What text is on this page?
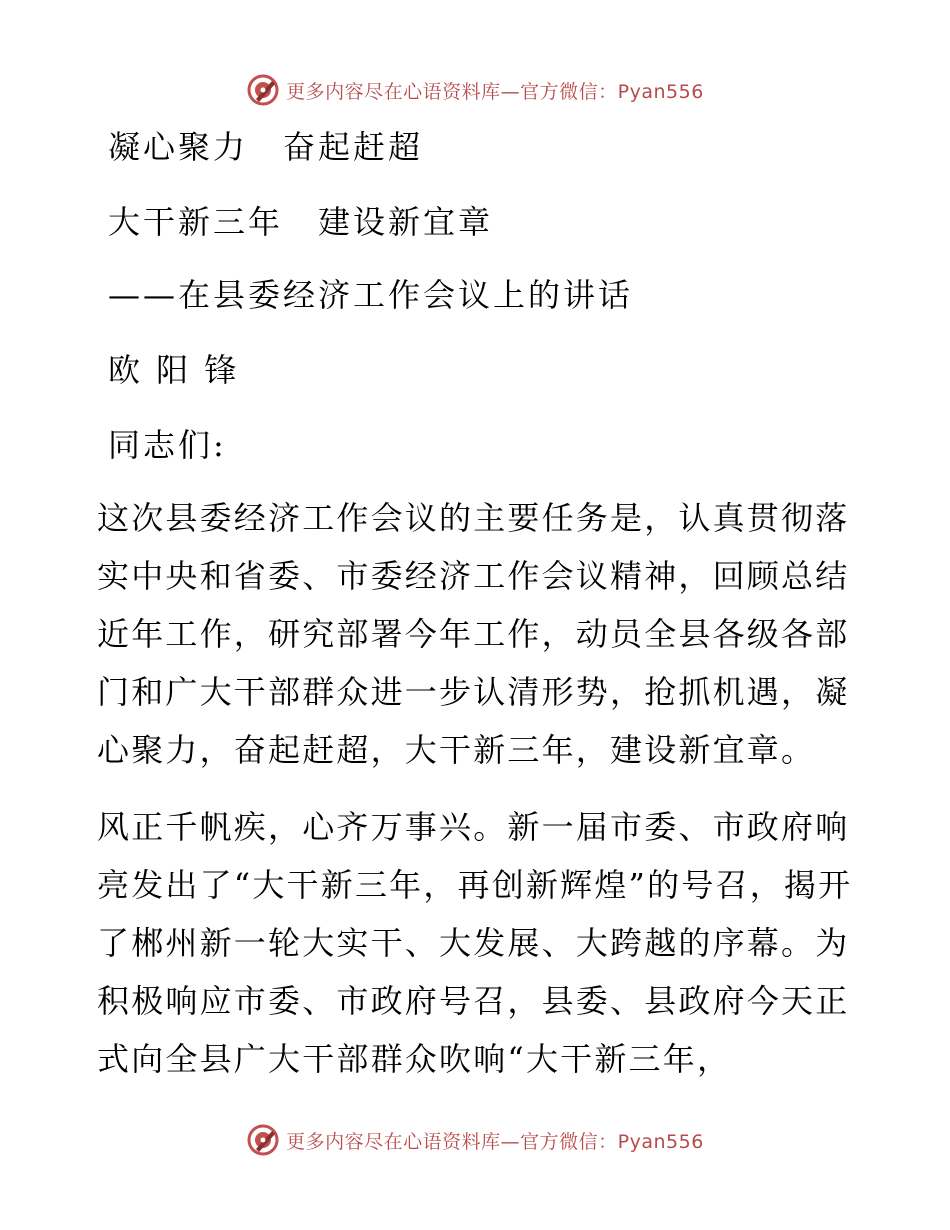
更多内容尽在心语资料库—官方微信：Pyan556
凝心聚力　奋起赶超
大干新三年　建设新宜章
——在县委经济工作会议上的讲话
欧 阳 锋
同志们:

这次县委经济工作会议的主要任务是，认真贯彻落实中央和省委、市委经济工作会议精神，回顾总结近年工作，研究部署今年工作，动员全县各级各部门和广大干部群众进一步认清形势，抢抓机遇，凝心聚力，奋起赶超，大干新三年，建设新宜章。

风正千帆疾，心齐万事兴。新一届市委、市政府响亮发出了“大干新三年，再创新辉煌”的号召，揭开了郴州新一轮大实干、大发展、大跨越的序幕。为积极响应市委、市政府号召，县委、县政府今天正式向全县广大干部群众吹响“大干新三年，

更多内容尽在心语资料库—官方微信：Pyan556
